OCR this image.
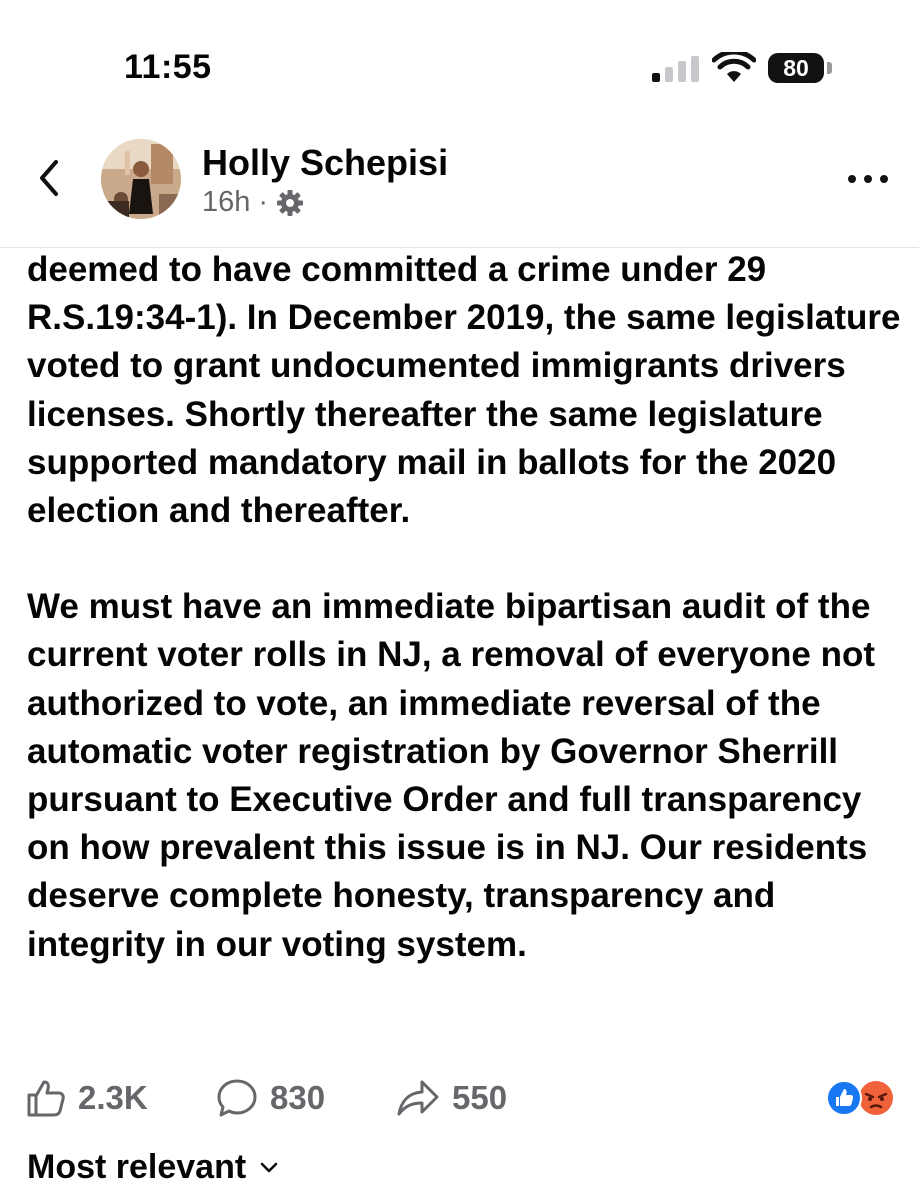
11:55	80
Holly Schepisi
16h ·

deemed to have committed a crime under 29 R.S.19:34-1). In December 2019, the same legislature voted to grant undocumented immigrants drivers licenses. Shortly thereafter the same legislature supported mandatory mail in ballots for the 2020 election and thereafter.

We must have an immediate bipartisan audit of the current voter rolls in NJ, a removal of everyone not authorized to vote, an immediate reversal of the automatic voter registration by Governor Sherrill pursuant to Executive Order and full transparency on how prevalent this issue is in NJ. Our residents deserve complete honesty, transparency and integrity in our voting system.

2.3K	830	550
Most relevant
